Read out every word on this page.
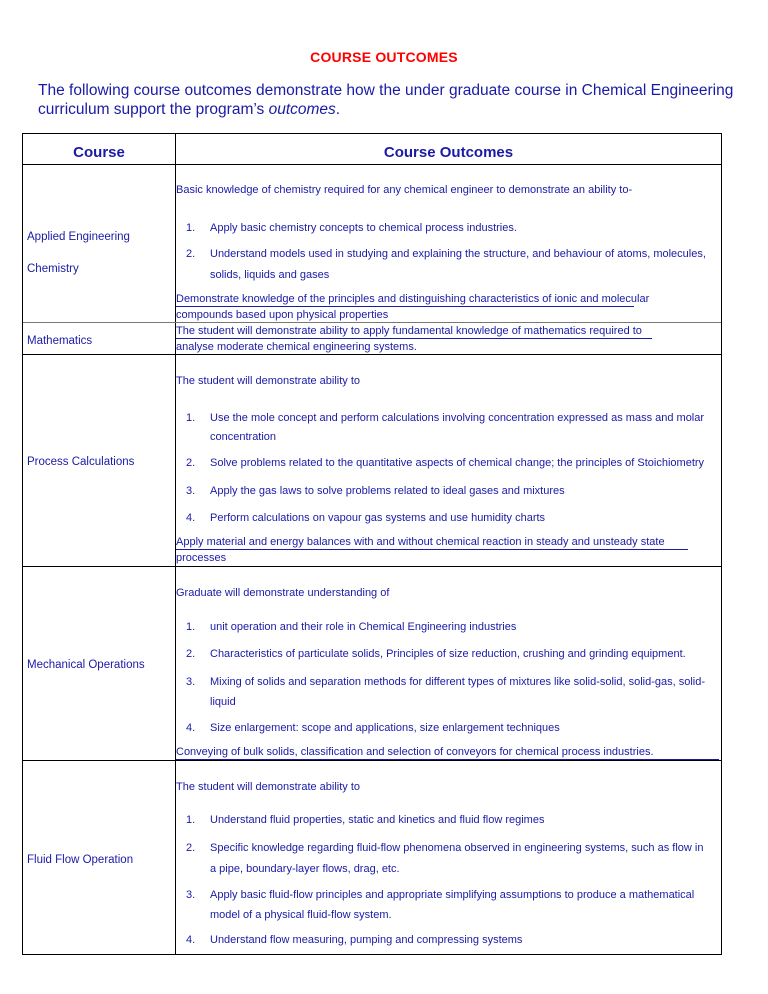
COURSE OUTCOMES
The following course outcomes demonstrate how the under graduate course in Chemical Engineering curriculum support the program’s outcomes.
Course	Course Outcomes
Applied Engineering
Chemistry
Basic knowledge of chemistry required for any chemical engineer to demonstrate an ability to-
1. Apply basic chemistry concepts to chemical process industries.
2. Understand models used in studying and explaining the structure, and behaviour of atoms, molecules,
solids, liquids and gases
Demonstrate knowledge of the principles and distinguishing characteristics of ionic and molecular
compounds based upon physical properties
Mathematics
The student will demonstrate ability to apply fundamental knowledge of mathematics required to
analyse moderate chemical engineering systems.
Process Calculations
The student will demonstrate ability to
1. Use the mole concept and perform calculations involving concentration expressed as mass and molar
concentration
2. Solve problems related to the quantitative aspects of chemical change; the principles of Stoichiometry
3. Apply the gas laws to solve problems related to ideal gases and mixtures
4. Perform calculations on vapour gas systems and use humidity charts
Apply material and energy balances with and without chemical reaction in steady and unsteady state
processes
Mechanical Operations
Graduate will demonstrate understanding of
1. unit operation and their role in Chemical Engineering industries
2. Characteristics of particulate solids, Principles of size reduction, crushing and grinding equipment.
3. Mixing of solids and separation methods for different types of mixtures like solid-solid, solid-gas, solid-
liquid
4. Size enlargement: scope and applications, size enlargement techniques
Conveying of bulk solids, classification and selection of conveyors for chemical process industries.
Fluid Flow Operation
The student will demonstrate ability to
1. Understand fluid properties, static and kinetics and fluid flow regimes
2. Specific knowledge regarding fluid-flow phenomena observed in engineering systems, such as flow in
a pipe, boundary-layer flows, drag, etc.
3. Apply basic fluid-flow principles and appropriate simplifying assumptions to produce a mathematical
model of a physical fluid-flow system.
4. Understand flow measuring, pumping and compressing systems
